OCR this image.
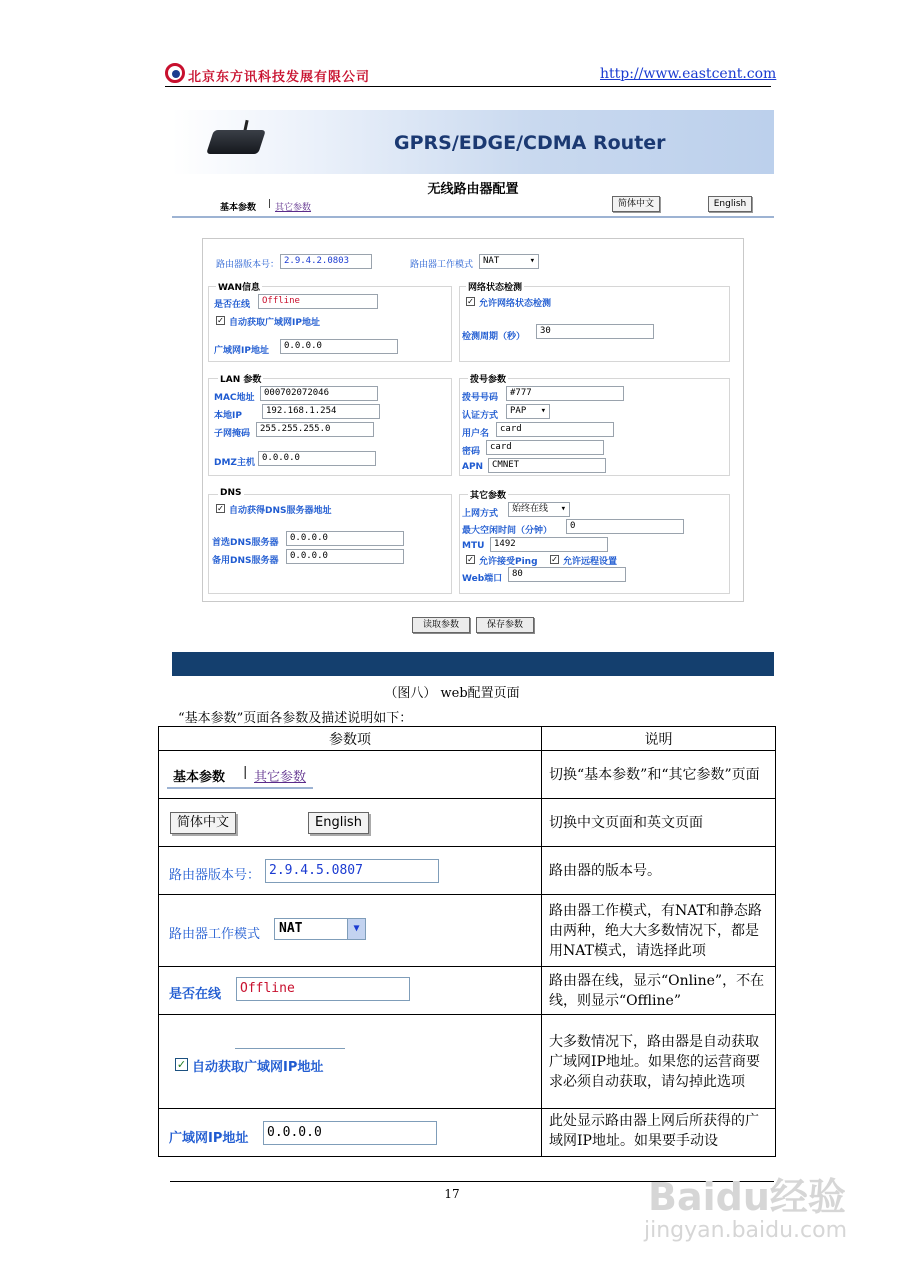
北京东方讯科技发展有限公司	http://www.eastcent.com
GPRS/EDGE/CDMA Router
无线路由器配置
基本参数 | 其它参数	简体中文	English
路由器版本号： 2.9.4.2.0803	路由器工作模式	NAT ▾
WAN信息
是否在线	Offline
✓ 自动获取广域网IP地址
广域网IP地址	0.0.0.0
网络状态检测
✓ 允许网络状态检测
检测周期（秒）
30
LAN 参数
MAC地址	000702072046
本地IP	192.168.1.254
子网掩码	255.255.255.0
DMZ主机 0.0.0.0
拨号参数
拨号号码	#777
认证方式	PAP ▾
用户名	card
密码	card
APN CMNET
DNS
✓ 自动获得DNS服务器地址
首选DNS服务器	0.0.0.0
备用DNS服务器	0.0.0.0
其它参数
上网方式	始终在线 ▾
最大空闲时间（分钟）	0
MTU	1492
✓ 允许接受Ping ✓ 允许远程设置
Web端口	80
读取参数	保存参数
（图八） web配置页面
“基本参数”页面各参数及描述说明如下：
参数项	说明

基本参数 | 其它参数	切换“基本参数”和“其它参数”页面

简体中文 English	切换中文页面和英文页面

路由器版本号： 2.9.4.5.0807	路由器的版本号。

路由器工作模式 NAT ▼	路由器工作模式，有NAT和静态路由两种，绝大大多数情况下，都是用NAT模式，请选择此项

是否在线 Offline	路由器在线，显示“Online”，不在线，则显示“Offline”

✓ 自动获取广域网IP地址	大多数情况下，路由器是自动获取广域网IP地址。如果您的运营商要求必须自动获取，请勾掉此选项

广域网IP地址 0.0.0.0	此处显示路由器上网后所获得的广域网IP地址。如果要手动设
17	Baidu经验
jingyan.baidu.com
